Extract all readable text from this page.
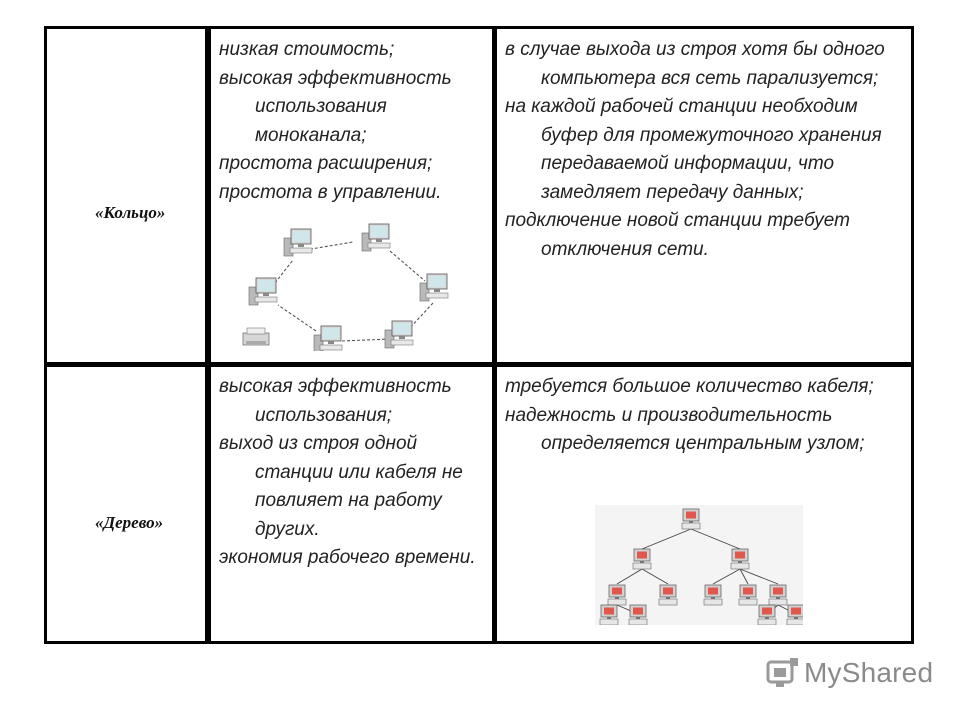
«Кольцо»
низкая стоимость;
высокая эффективность использования моноканала;
простота расширения;
простота в управлении.
в случае выхода из строя хотя бы одного компьютера вся сеть парализуется;
на каждой рабочей станции необходим буфер для промежуточного хранения передаваемой информации, что замедляет передачу данных;
подключение новой станции требует отключения сети.
«Дерево»
высокая эффективность использования;
выход из строя одной станции или кабеля не повлияет на работу других.
экономия рабочего времени.
требуется большое количество кабеля;
надежность и производительность определяется центральным узлом;
MyShared
